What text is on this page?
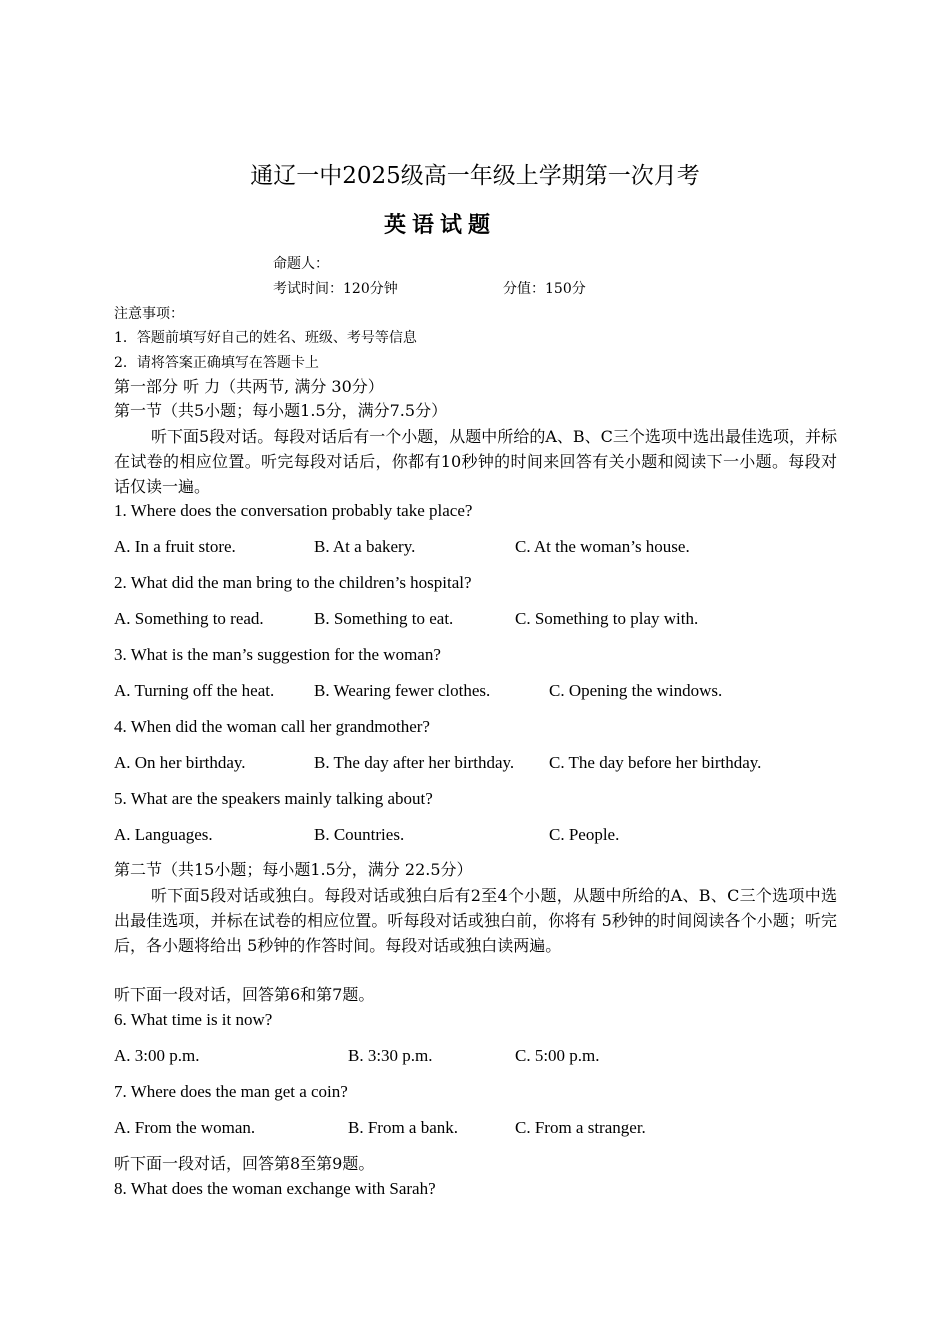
通辽一中2025级高一年级上学期第一次月考
英语试题
命题人：
考试时间：120分钟	分值：150分
注意事项：
1．答题前填写好自己的姓名、班级、考号等信息
2．请将答案正确填写在答题卡上
第一部分 听 力（共两节, 满分 30分）
第一节（共5小题；每小题1.5分，满分7.5分）
听下面5段对话。每段对话后有一个小题，从题中所给的A、B、C三个选项中选出最佳选项，并标在试卷的相应位置。听完每段对话后，你都有10秒钟的时间来回答有关小题和阅读下一小题。每段对话仅读一遍。
1. Where does the conversation probably take place?
A. In a fruit store.	B. At a bakery.	C. At the woman’s house.
2. What did the man bring to the children’s hospital?
A. Something to read.	B. Something to eat.	C. Something to play with.
3. What is the man’s suggestion for the woman?
A. Turning off the heat. B. Wearing fewer clothes.	C. Opening the windows.
4. When did the woman call her grandmother?
A. On her birthday.	B. The day after her birthday. C. The day before her birthday.
5. What are the speakers mainly talking about?
A. Languages.	B. Countries.	C. People.
第二节（共15小题；每小题1.5分，满分 22.5分）
听下面5段对话或独白。每段对话或独白后有2至4个小题，从题中所给的A、B、C三个选项中选出最佳选项，并标在试卷的相应位置。听每段对话或独白前，你将有 5秒钟的时间阅读各个小题；听完后，各小题将给出 5秒钟的作答时间。每段对话或独白读两遍。
听下面一段对话，回答第6和第7题。
6. What time is it now?
A. 3:00 p.m.	B. 3:30 p.m.	C. 5:00 p.m.
7. Where does the man get a coin?
A. From the woman.	B. From a bank.	C. From a stranger.
听下面一段对话，回答第8至第9题。
8. What does the woman exchange with Sarah?
